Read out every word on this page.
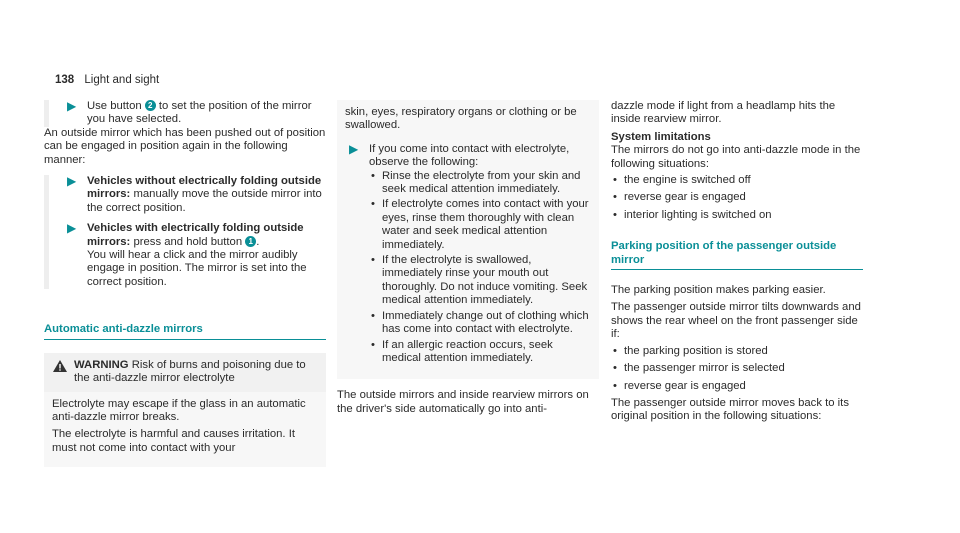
138 Light and sight
▶ Use button 2 to set the position of the mirror you have selected.

An outside mirror which has been pushed out of position can be engaged in position again in the following manner:

▶ Vehicles without electrically folding outside mirrors: manually move the outside mirror into the correct position.
▶ Vehicles with electrically folding outside mirrors: press and hold button 1 .

You will hear a click and the mirror audibly engage in position. The mirror is set into the correct position.

Automatic anti-dazzle mirrors
WARNING Risk of burns and poisoning due to the anti-dazzle mirror electrolyte

Electrolyte may escape if the glass in an automatic anti-dazzle mirror breaks.

The electrolyte is harmful and causes irritation. It must not come into contact with your

skin, eyes, respiratory organs or clothing or be swallowed.

▶ If you come into contact with electrolyte, observe the following:
• Rinse the electrolyte from your skin and seek medical attention immediately.
• If electrolyte comes into contact with your eyes, rinse them thoroughly with clean water and seek medical attention immediately.
• If the electrolyte is swallowed, immediately rinse your mouth out thoroughly. Do not induce vomiting. Seek medical attention immediately.
• Immediately change out of clothing which has come into contact with electrolyte.
• If an allergic reaction occurs, seek medical attention immediately.

The outside mirrors and inside rearview mirrors on the driver's side automatically go into anti-

dazzle mode if light from a headlamp hits the inside rearview mirror.

System limitations

The mirrors do not go into anti-dazzle mode in the following situations:

• the engine is switched off
• reverse gear is engaged
• interior lighting is switched on
Parking position of the passenger outside mirror

The parking position makes parking easier.

The passenger outside mirror tilts downwards and shows the rear wheel on the front passenger side if:

• the parking position is stored
• the passenger mirror is selected
• reverse gear is engaged

The passenger outside mirror moves back to its original position in the following situations:
